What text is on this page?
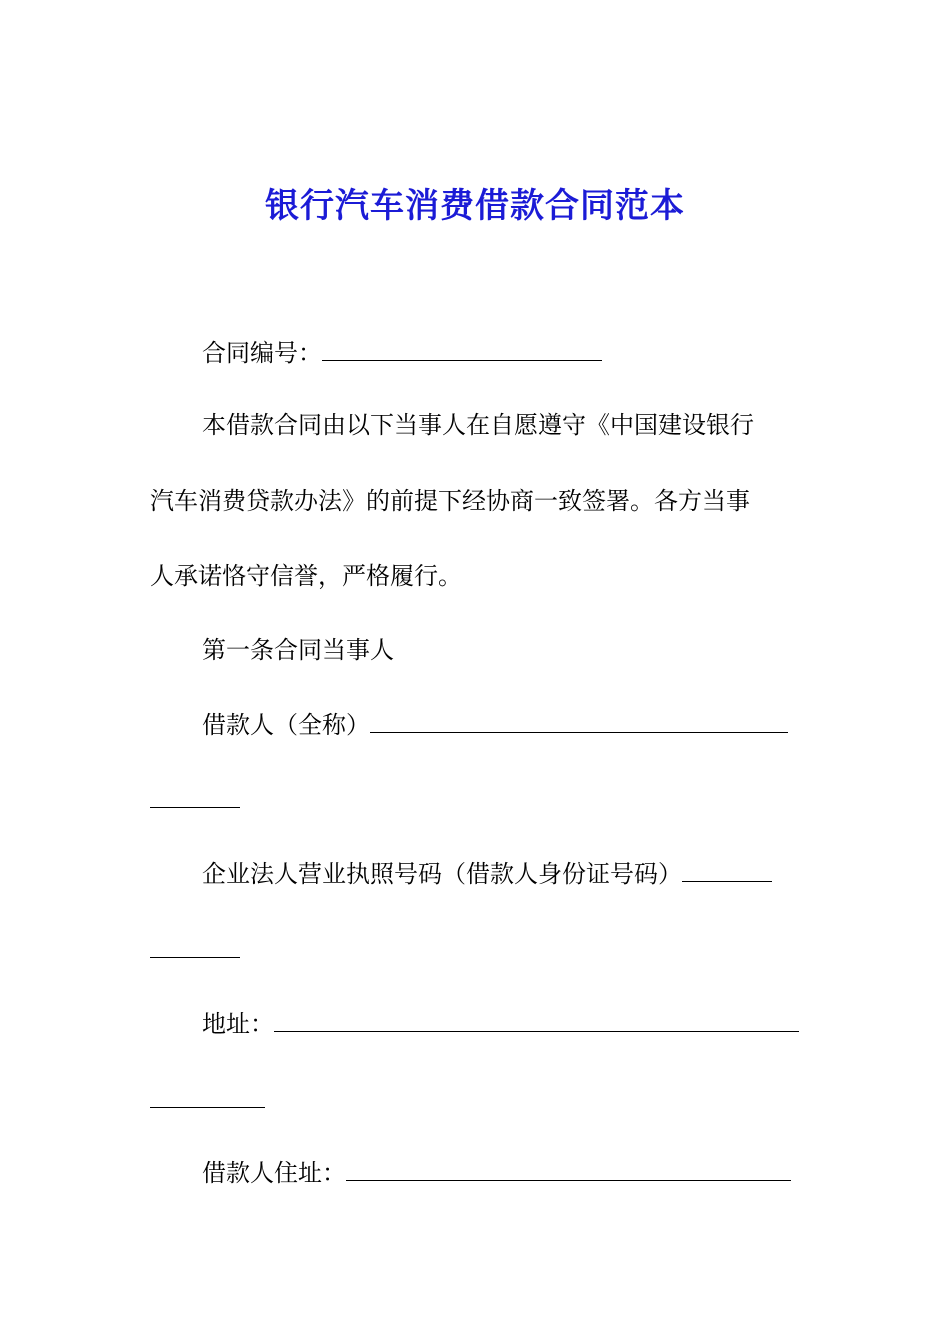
银行汽车消费借款合同范本
合同编号：
本借款合同由以下当事人在自愿遵守《中国建设银行
汽车消费贷款办法》的前提下经协商一致签署。各方当事
人承诺恪守信誉，严格履行。
第一条合同当事人
借款人（全称）
企业法人营业执照号码（借款人身份证号码）
地址：
借款人住址：
